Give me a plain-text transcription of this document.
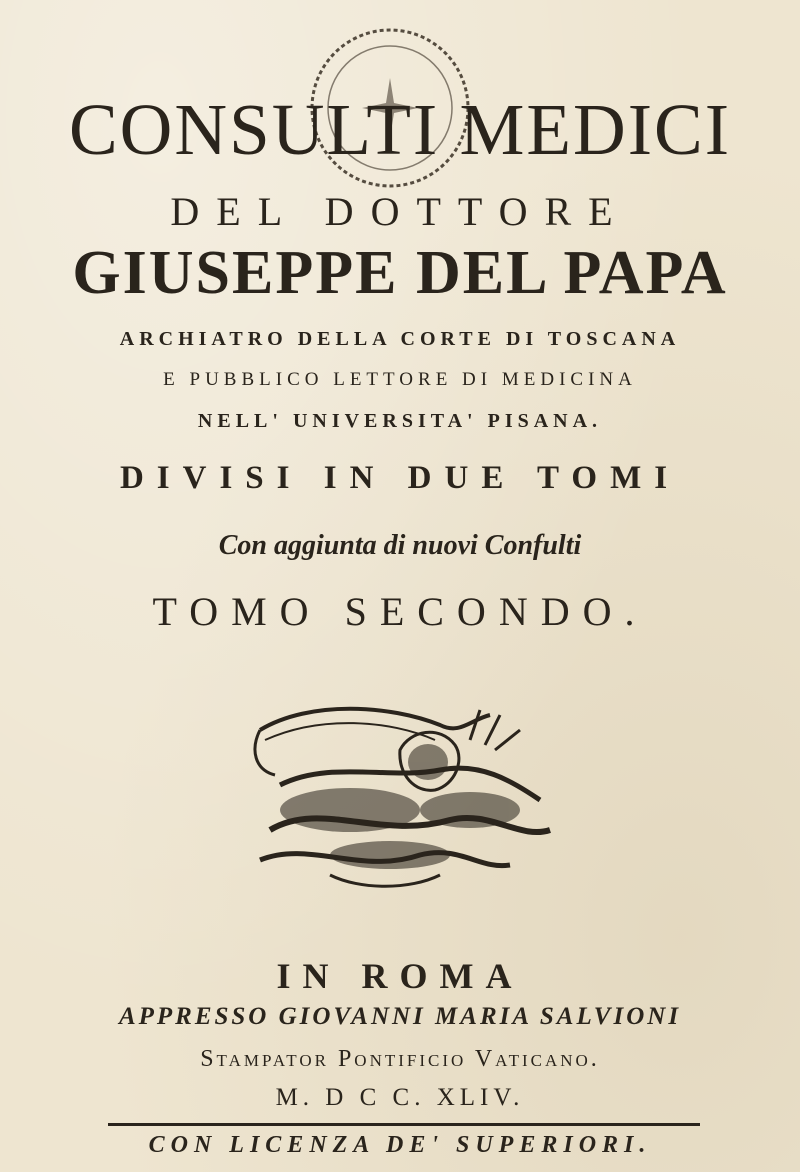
CONSULTI MEDICI
DEL DOTTORE
GIUSEPPE DEL PAPA
ARCHIATRO DELLA CORTE DI TOSCANA
E PUBBLICO LETTORE DI MEDICINA
NELL' UNIVERSITA' PISANA.
DIVISI IN DUE TOMI
Con aggiunta di nuovi Confulti
TOMO SECONDO.
IN ROMA
APPRESSO GIOVANNI MARIA SALVIONI
Stampator Pontificio Vaticano.
M. D C C. XLIV.
CON LICENZA DE' SUPERIORI.
